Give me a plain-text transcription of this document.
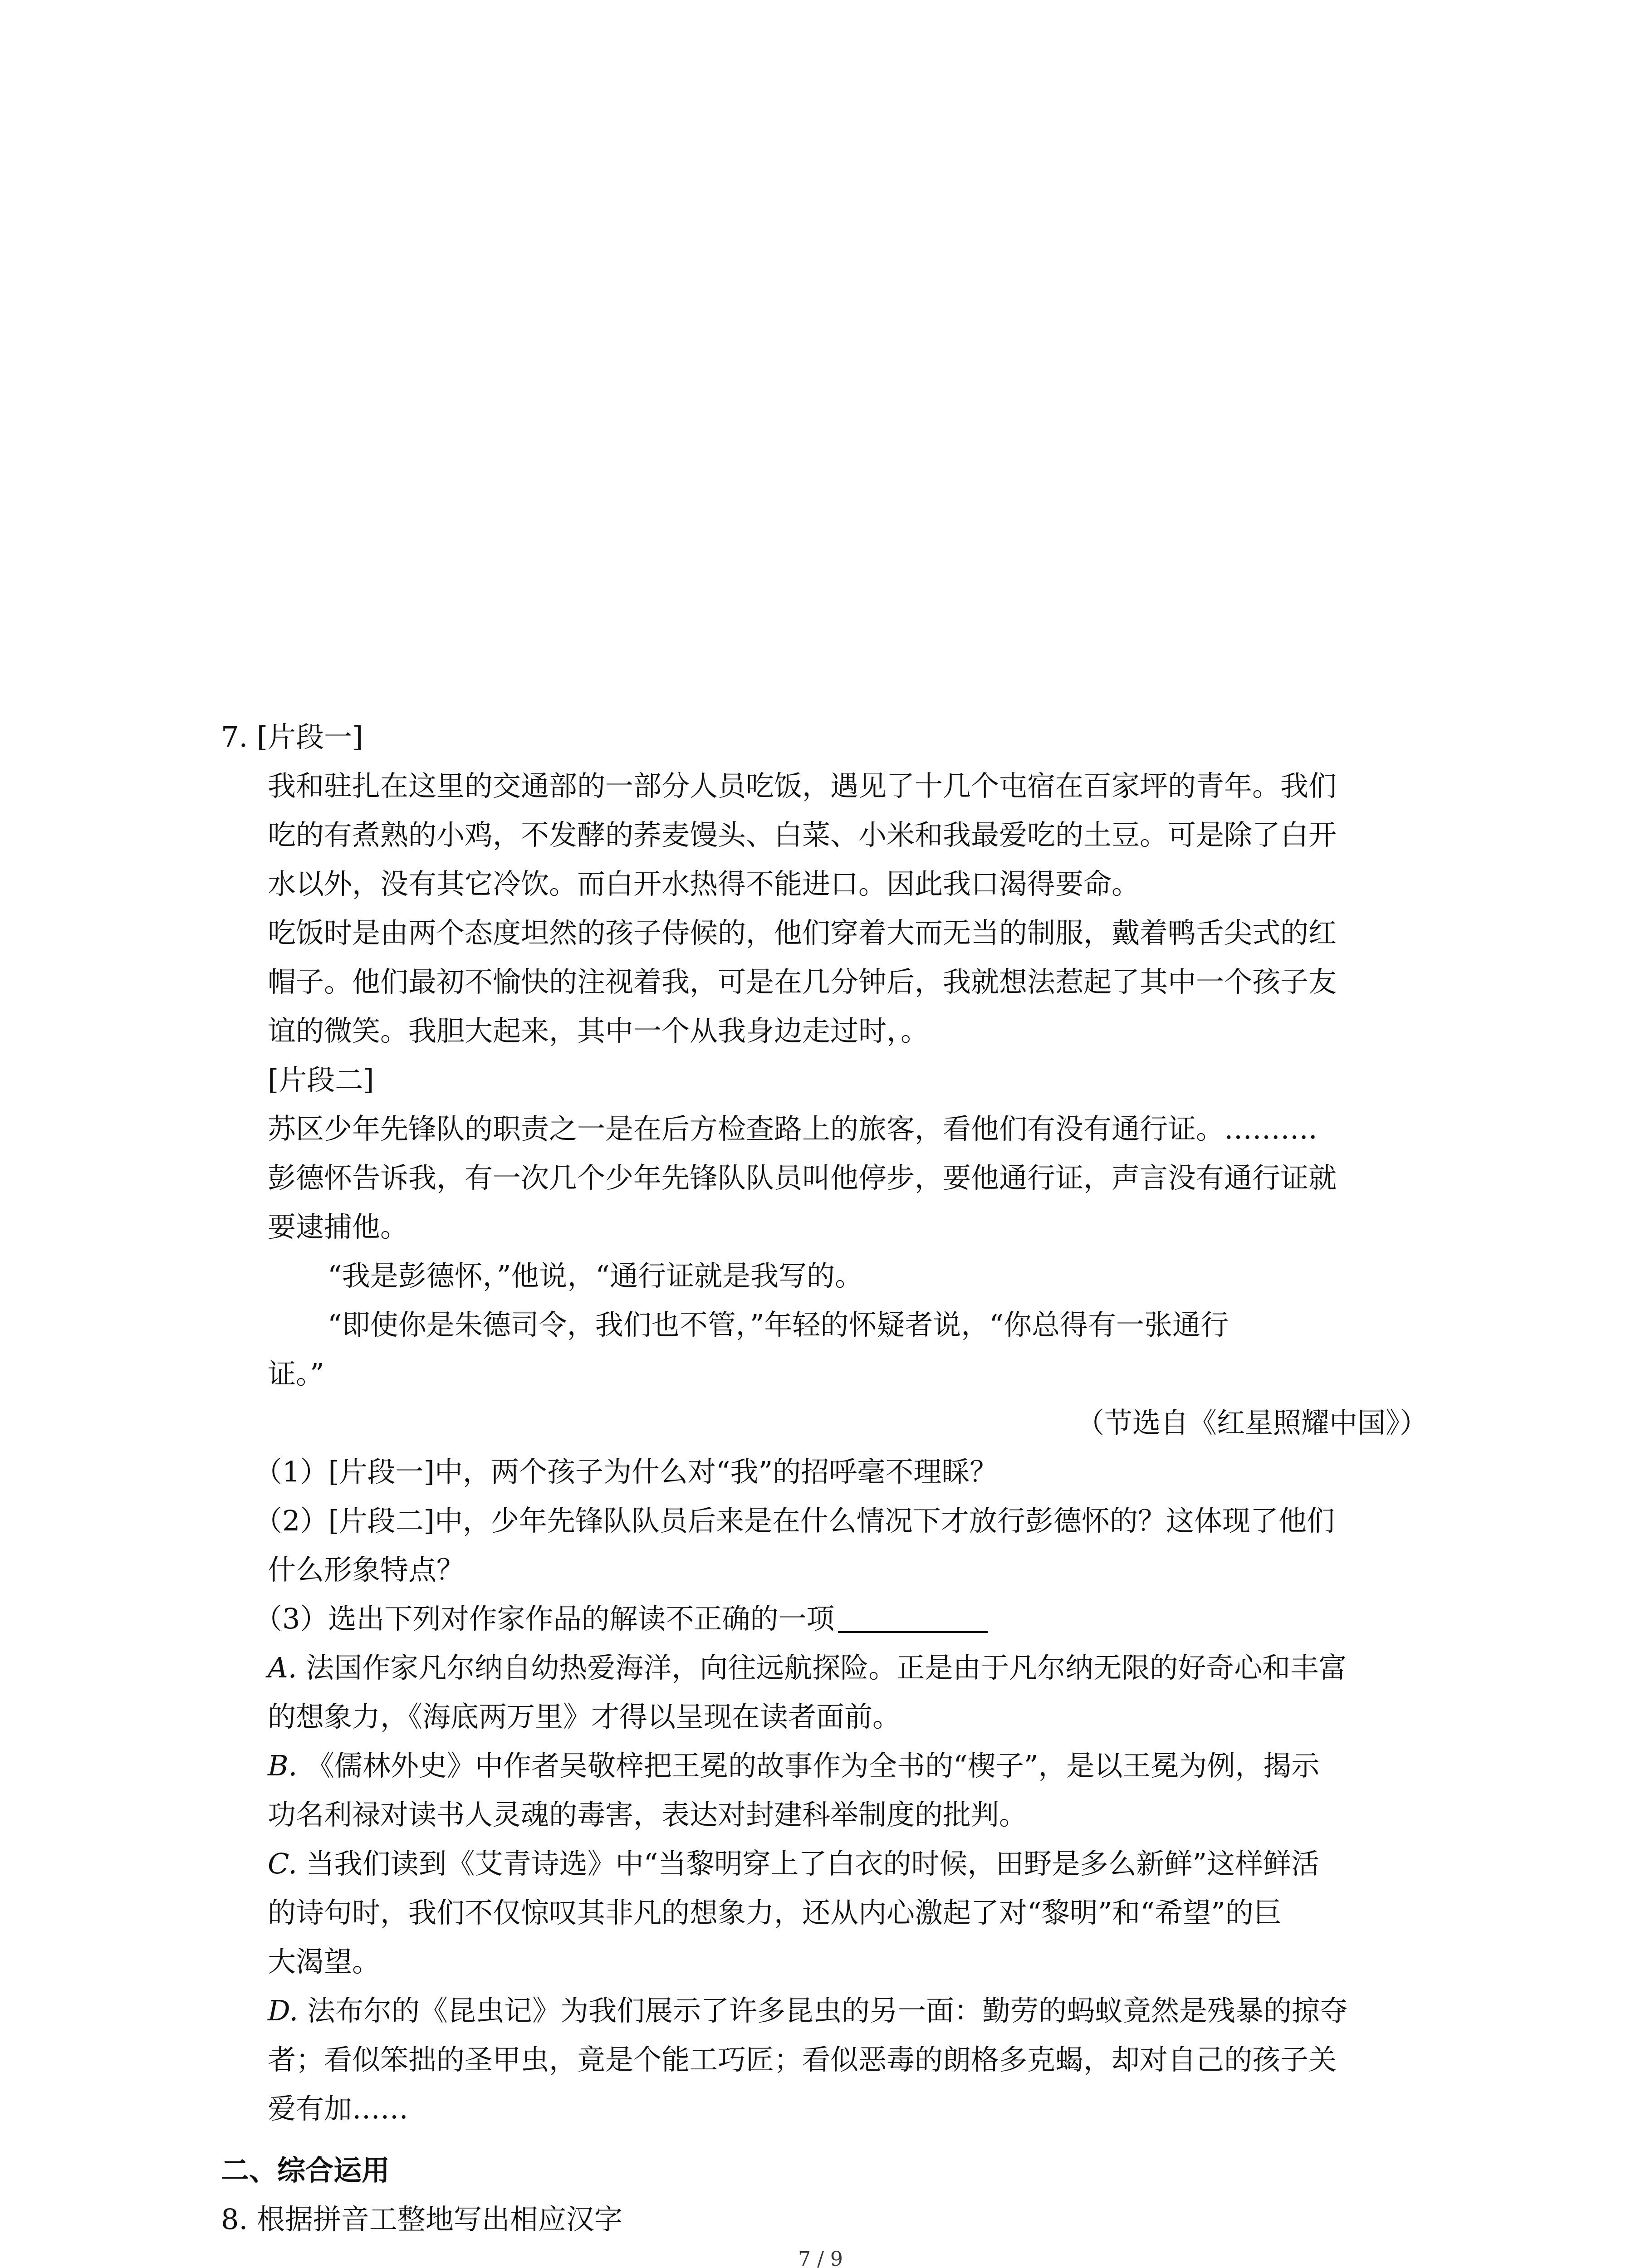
7. [片段一]
我和驻扎在这里的交通部的一部分人员吃饭，遇见了十几个屯宿在百家坪的青年。我们
吃的有煮熟的小鸡，不发酵的荞麦馒头、白菜、小米和我最爱吃的土豆。可是除了白开
水以外，没有其它冷饮。而白开水热得不能进口。因此我口渴得要命。
吃饭时是由两个态度坦然的孩子侍候的，他们穿着大而无当的制服，戴着鸭舌尖式的红
帽子。他们最初不愉快的注视着我，可是在几分钟后，我就想法惹起了其中一个孩子友
谊的微笑。我胆大起来，其中一个从我身边走过时，。
[片段二]
苏区少年先锋队的职责之一是在后方检查路上的旅客，看他们有没有通行证。………．
彭德怀告诉我，有一次几个少年先锋队队员叫他停步，要他通行证，声言没有通行证就
要逮捕他。
“我是彭德怀，”他说，“通行证就是我写的。
“即使你是朱德司令，我们也不管，”年轻的怀疑者说，“你总得有一张通行
证。”
（节选自《红星照耀中国》）
（1）[片段一]中，两个孩子为什么对“我”的招呼毫不理睬？
（2）[片段二]中，少年先锋队队员后来是在什么情况下才放行彭德怀的？这体现了他们
什么形象特点？
（3）选出下列对作家作品的解读不正确的一项
A. 法国作家凡尔纳自幼热爱海洋，向往远航探险。正是由于凡尔纳无限的好奇心和丰富
的想象力，《海底两万里》才得以呈现在读者面前。
B. 《儒林外史》中作者吴敬梓把王冕的故事作为全书的“楔子”，是以王冕为例，揭示
功名利禄对读书人灵魂的毒害，表达对封建科举制度的批判。
C. 当我们读到《艾青诗选》中“当黎明穿上了白衣的时候，田野是多么新鲜”这样鲜活
的诗句时，我们不仅惊叹其非凡的想象力，还从内心激起了对“黎明”和“希望”的巨
大渴望。
D. 法布尔的《昆虫记》为我们展示了许多昆虫的另一面：勤劳的蚂蚁竟然是残暴的掠夺
者；看似笨拙的圣甲虫，竟是个能工巧匠；看似恶毒的朗格多克蝎，却对自己的孩子关
爱有加……
二、综合运用
8. 根据拼音工整地写出相应汉字
7 / 9
